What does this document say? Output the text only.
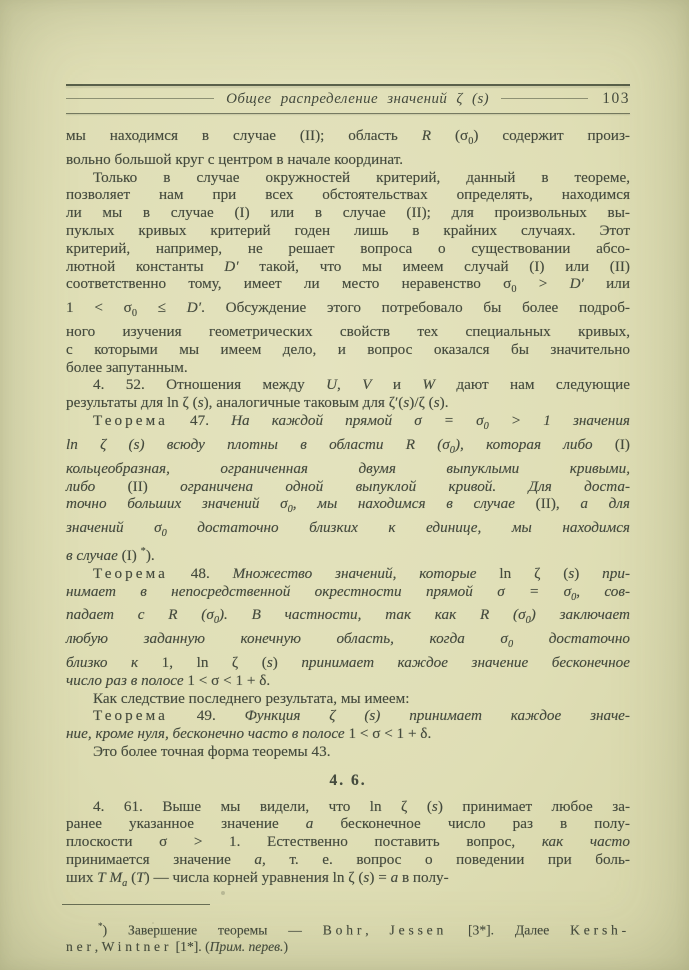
Общее распределение значений ζ (s)	103
мы находимся в случае (II); область R $(\sigma_0)$ содержит произ-
вольно большой круг с центром в начале координат.
Только в случае окружностей критерий, данный в теореме,
позволяет нам при всех обстоятельствах определять, находимся
ли мы в случае (I) или в случае (II); для произвольных вы-
пуклых кривых критерий годен лишь в крайних случаях. Этот
критерий, например, не решает вопроса о существовании абсо-
лютной константы D′ такой, что мы имеем случай (I) или (II)
соответственно тому, имеет ли место неравенство $\sigma_0 > D'$ или
$1 < \sigma_0 \le D'$. Обсуждение этого потребовало бы более подроб-
ного изучения геометрических свойств тех специальных кривых,
с которыми мы имеем дело, и вопрос оказался бы значительно
более запутанным.
4. 52. Отношения между U, V и W дают нам следующие
результаты для ln ζ (s), аналогичные таковым для ζ′(s)/ζ (s).
Теорема 47. На каждой прямой $\sigma = \sigma_0 > 1$ значения
ln ζ (s) всюду плотны в области R $(\sigma_0)$, которая либо (I)
кольцеобразная, ограниченная двумя выпуклыми кривыми,
либо (II) ограничена одной выпуклой кривой. Для доста-
точно больших значений $\sigma_0$, мы находимся в случае (II), а для
значений $\sigma_0$ достаточно близких к единице, мы находимся
в случае (I) *).
Теорема 48. Множество значений, которые ln ζ (s) при-
нимает в непосредственной окрестности прямой $\sigma = \sigma_0$, сов-
падает с R $(\sigma_0)$. В частности, так как R $(\sigma_0)$ заключает
любую заданную конечную область, когда $\sigma_0$ достаточно
близко к 1, ln ζ (s) принимает каждое значение бесконечное
число раз в полосе 1 < σ < 1 + δ.
Как следствие последнего результата, мы имеем:
Теорема 49. Функция ζ (s) принимает каждое значе-
ние, кроме нуля, бесконечно часто в полосе 1 < σ < 1 + δ.
Это более точная форма теоремы 43.
4. 6.
4. 61. Выше мы видели, что ln ζ (s) принимает любое за-
ранее указанное значение a бесконечное число раз в полу-
плоскости σ > 1. Естественно поставить вопрос, как часто
принимается значение a, т. е. вопрос о поведении при боль-
ших T $M_a$ (T) — числа корней уравнения ln ζ (s) = a в полу-
*) Завершение теоремы — Bohr, Jessen [3*]. Далее Kersh-
ner, Wintner [1*]. (Прим. перев.)
